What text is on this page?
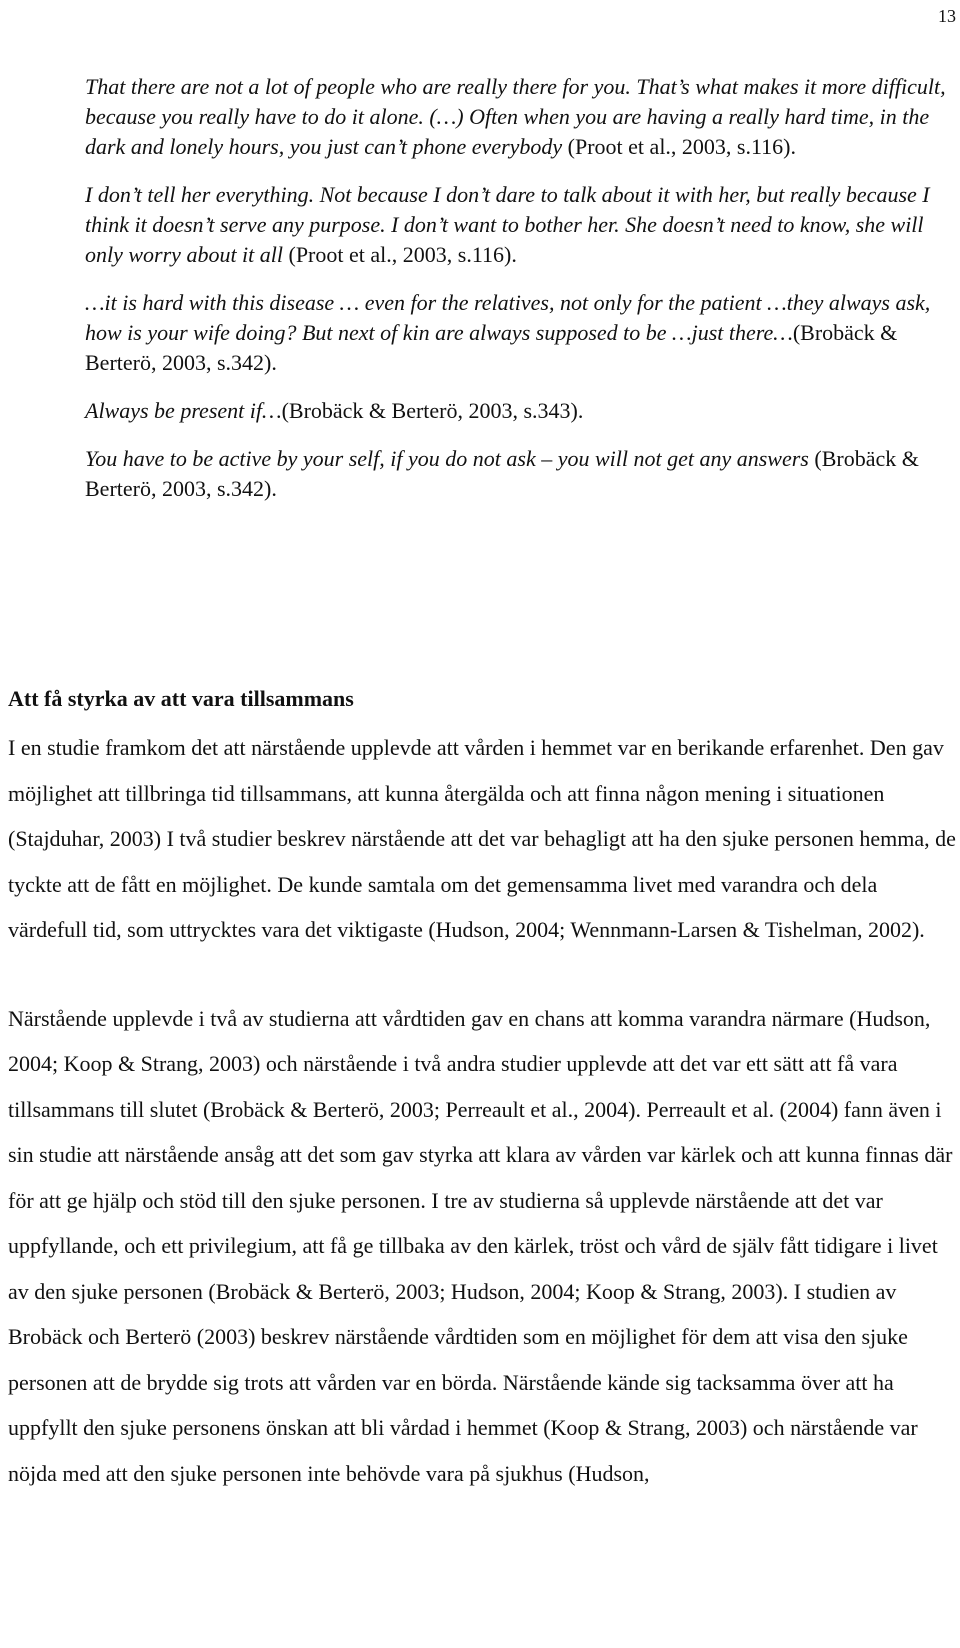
13

That there are not a lot of people who are really there for you. That’s what makes it more difficult, because you really have to do it alone. (…) Often when you are having a really hard time, in the dark and lonely hours, you just can’t phone everybody (Proot et al., 2003, s.116).

I don’t tell her everything. Not because I don’t dare to talk about it with her, but really because I think it doesn’t serve any purpose. I don’t want to bother her. She doesn’t need to know, she will only worry about it all (Proot et al., 2003, s.116).

…it is hard with this disease … even for the relatives, not only for the patient …they always ask, how is your wife doing? But next of kin are always supposed to be …just there…(Brobäck & Berterö, 2003, s.342).

Always be present if…(Brobäck & Berterö, 2003, s.343).

You have to be active by your self, if you do not ask – you will not get any answers (Brobäck & Berterö, 2003, s.342).

Att få styrka av att vara tillsammans

I en studie framkom det att närstående upplevde att vården i hemmet var en berikande erfarenhet. Den gav möjlighet att tillbringa tid tillsammans, att kunna återgälda och att finna någon mening i situationen (Stajduhar, 2003) I två studier beskrev närstående att det var behagligt att ha den sjuke personen hemma, de tyckte att de fått en möjlighet. De kunde samtala om det gemensamma livet med varandra och dela värdefull tid, som uttrycktes vara det viktigaste (Hudson, 2004; Wennmann-Larsen & Tishelman, 2002).

Närstående upplevde i två av studierna att vårdtiden gav en chans att komma varandra närmare (Hudson, 2004; Koop & Strang, 2003) och närstående i två andra studier upplevde att det var ett sätt att få vara tillsammans till slutet (Brobäck & Berterö, 2003; Perreault et al., 2004). Perreault et al. (2004) fann även i sin studie att närstående ansåg att det som gav styrka att klara av vården var kärlek och att kunna finnas där för att ge hjälp och stöd till den sjuke personen. I tre av studierna så upplevde närstående att det var uppfyllande, och ett privilegium, att få ge tillbaka av den kärlek, tröst och vård de själv fått tidigare i livet av den sjuke personen (Brobäck & Berterö, 2003; Hudson, 2004; Koop & Strang, 2003). I studien av Brobäck och Berterö (2003) beskrev närstående vårdtiden som en möjlighet för dem att visa den sjuke personen att de brydde sig trots att vården var en börda. Närstående kände sig tacksamma över att ha uppfyllt den sjuke personens önskan att bli vårdad i hemmet (Koop & Strang, 2003) och närstående var nöjda med att den sjuke personen inte behövde vara på sjukhus (Hudson,
